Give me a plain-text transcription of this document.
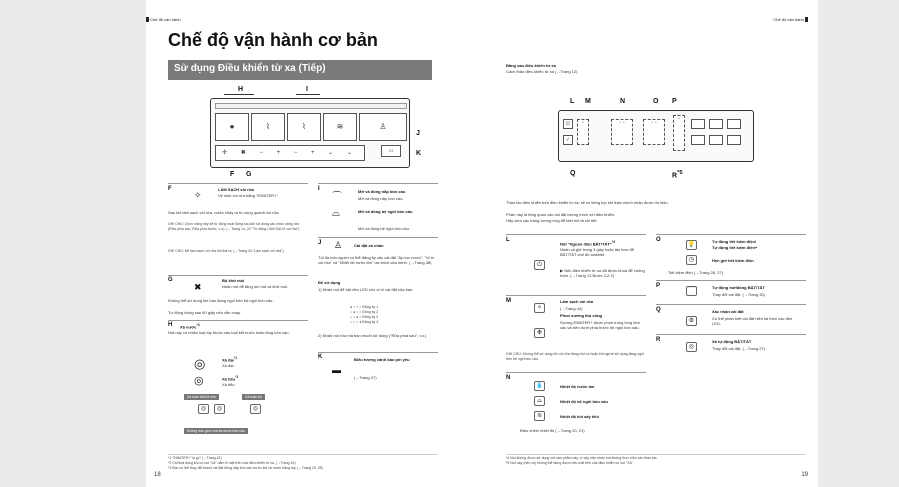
Chế độ vận hành
Chế độ vận hành cơ bản
Sử dụng Điều khiển từ xa (Tiếp)
H	I
●	⌇	⌇	≋	♙
✢ ✖ − + − + ⌄ ⌄	▭
J
K
F G
F
✧
LÀM SẠCH vòi rửa
Vệ sinh vòi rửa bằng "EWATER+"
Sau khi làm sạch vòi rửa, nước chảy ra từ xung quanh vòi rửa.
GHI CHÚ: Chức năng này sẽ tự động hoạt động sau khi sử dụng các chức năng rửa (Rửa phía sau, Rửa phía trước, v.v.). (→Trang 14, 22 "Tự động LÀM SẠCH vòi rửa")
GHI CHÚ: Để làm sạch vòi rửa khi thả ra. (→Trang 44 "Làm sạch vòi rửa")
G
✖
Bộ khử mùi
Nhấn nút để tăng lực hút và khử mùi.
Không thể sử dụng khi bạn đang ngồi trên bệ ngồi bồn cầu.
Tự động dừng sau 60 giây nếu vẫn chạy.
H Xả nước$^{*3}$
Nút này có nhiều loại tùy thuộc vào loại kết nước hoặc lông bồn cầu.
◎	Xả đại$^{*1}$
Xả đại.
◎	Xả tiểu$^{*1}$
Xả tiểu.
Xả toàn bộ/Xả nhẹ	Xả toàn bộ
◎	◎	◎
Không bao gồm nút xả nước bồn cầu
I
⌒
Mở và đóng nắp bồn cầu
Mở và đóng nắp bồn cầu.
⌓	Mở và đóng bệ ngồi bồn cầu
Mở và đóng bệ ngồi bồn cầu.
J ♙	Cài đặt cá nhân
Tối đa bốn người có thể đăng ký các cài đặt "Áp lực nước", "Vị trí vòi rửa" và "Nhiệt độ nước ấm" ưa thích của mình. (→Trang 38)
Để sử dụng
1) Nhấn nút để bật đèn LED cho vị trí cài đặt của bạn.
● ○ ○ ○ Đăng ký 1
○ ● ○ ○ Đăng ký 2
○ ○ ● ○ Đăng ký 3
○ ○ ○ ● Đăng ký 4
2) Nhấn nút rửa mà bạn muốn sử dụng ("Rửa phía sau", v.v.)
K
▬
Biểu tượng cảnh báo pin yếu
(→Trang 47)
*1 "EWATER+" là gì? (→Trang 15)
*2 Chỉ khả dụng khi có nút "Xả" nằm ở mặt trên của điều khiển từ xa. (→Trang 16)
*3 Bạn có thể thay đổi thành cài đặt đóng nắp bồn cầu trước khi xả nước bằng tay. (→Trang 29, 35)
18
Chế độ vận hành
Đằng sau điều khiển từ xa
Cách thảo điều khiển từ xa (→Trang 12)
L M	N	O P
⏻
✓
▫	▫ ▫	▫ ▫
▫
Q	$R^{*5}$
Thao tác điều khiển trên điều khiển từ xa; sẽ có tiếng bíp khi thân chính nhận được tín hiệu.
Phần này là tổng quan các cài đặt tương thích với điều khiển.
Hãy xem các trang tương ứng để biết mô tả chi tiết.
L
⏻
Nút "Nguồn điện BẬT/TẮT"$^{*4}$
Nhấn và giữ trong 3 giây hoặc lâu hơn để BẬT/TẮT chế độ washlet.
▶ Nếu điều khiển từ xa đã được khoá để chống trộm. (→Trang 12 Bước 2-2.2)
M
✧
Làm sạch vòi rửa
(→Trang 44)
❉
Phun sương thủ công
Sương EWATER+ được phun trong lòng bồn cầu và bên dưới phía trước bệ ngồi bồn cầu.
GHI CHÚ: Không thể sử dụng khi vòi rửa đang nhô ra hoặc khi người sử dụng đang ngồi trên bệ ngồi bồn cầu.
N
💧	Nhiệt độ nước ấm
⌓	Nhiệt độ bệ ngồi bồn cầu
≋	Nhiệt độ khí sấy khô
Điều chỉnh nhiệt độ (→Trang 20, 21)
O
💡
Tự động tiết kiệm điện/
Tự động tiết kiệm điện+
◷	Hẹn giờ tiết kiệm điện
Tiết kiệm điện (→Trang 26, 27)
P
⌒
Tự động mở/đóng BẬT/TẮT
Thay đổi cài đặt. (→Trang 30)
Q
⚙
Xác nhận cài đặt
Có thể phân biệt cài đặt hiện tại theo các đèn LED.
R
◎
Xả tự động BẬT/TẮT
Thay đổi cài đặt. (→Trang 27)
*4 Nút không được sử dụng với sản phẩm này, vì vậy việc nhấn nút không thực hiện các thao tác.
*5 Nút này (nếu có) không thể dùng được nếu mặt bên của điều khiển có nút "Xả".
19
